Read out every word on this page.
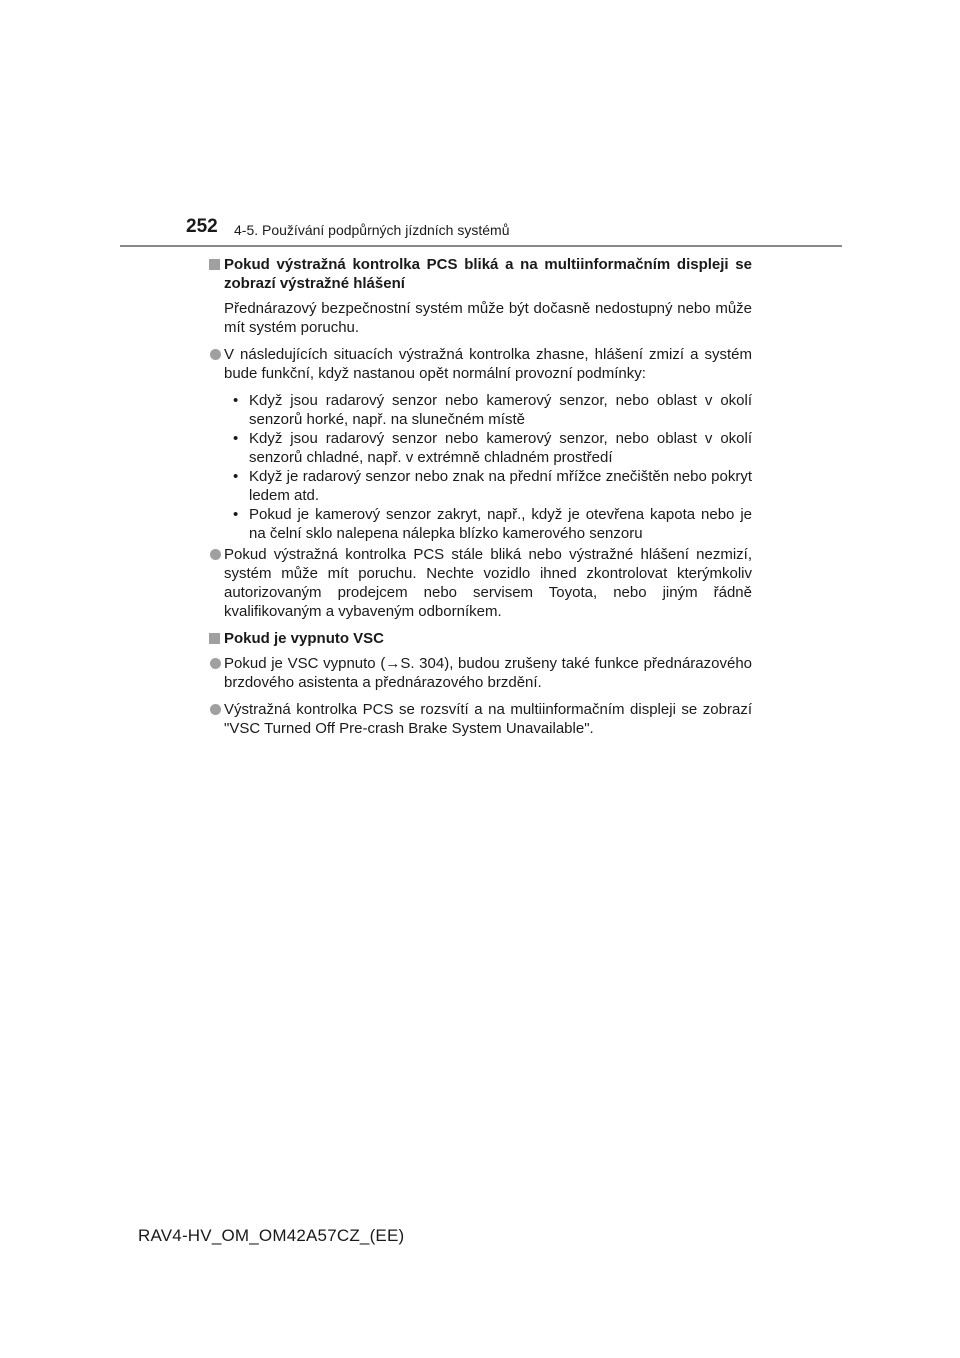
252 4-5. Používání podpůrných jízdních systémů

Pokud výstražná kontrolka PCS bliká a na multiinformačním displeji se zobrazí výstražné hlášení

Přednárazový bezpečnostní systém může být dočasně nedostupný nebo může mít systém poruchu.

V následujících situacích výstražná kontrolka zhasne, hlášení zmizí a systém bude funkční, když nastanou opět normální provozní podmínky:
• Když jsou radarový senzor nebo kamerový senzor, nebo oblast v okolí senzorů horké, např. na slunečném místě
• Když jsou radarový senzor nebo kamerový senzor, nebo oblast v okolí senzorů chladné, např. v extrémně chladném prostředí
• Když je radarový senzor nebo znak na přední mřížce znečištěn nebo pokryt ledem atd.
• Pokud je kamerový senzor zakryt, např., když je otevřena kapota nebo je na čelní sklo nalepena nálepka blízko kamerového senzoru
Pokud výstražná kontrolka PCS stále bliká nebo výstražné hlášení nezmizí, systém může mít poruchu. Nechte vozidlo ihned zkontrolovat kterýmkoliv autorizovaným prodejcem nebo servisem Toyota, nebo jiným řádně kvalifikovaným a vybaveným odborníkem.

Pokud je vypnuto VSC

Pokud je VSC vypnuto (→S. 304), budou zrušeny také funkce přednárazového brzdového asistenta a přednárazového brzdění.
Výstražná kontrolka PCS se rozsvítí a na multiinformačním displeji se zobrazí "VSC Turned Off Pre-crash Brake System Unavailable".
RAV4-HV_OM_OM42A57CZ_(EE)
